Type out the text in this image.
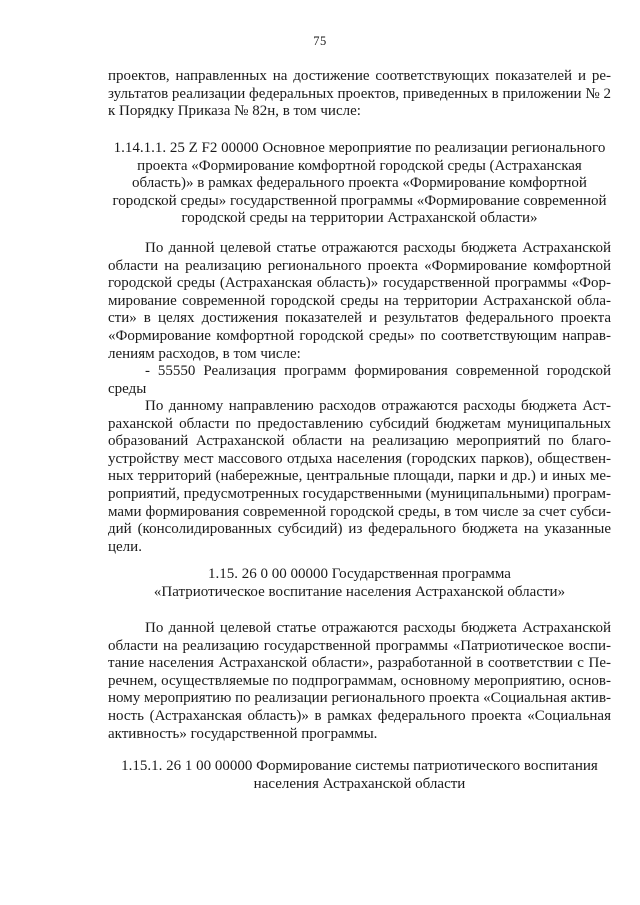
75
проектов, направленных на достижение соответствующих показателей и ре-
зультатов реализации федеральных проектов, приведенных в приложении № 2
к Порядку Приказа № 82н, в том числе:
1.14.1.1. 25 Z F2 00000 Основное мероприятие по реализации регионального
проекта «Формирование комфортной городской среды (Астраханская
область)» в рамках федерального проекта «Формирование комфортной
городской среды» государственной программы «Формирование современной
городской среды на территории Астраханской области»
По данной целевой статье отражаются расходы бюджета Астраханской
области на реализацию регионального проекта «Формирование комфортной
городской среды (Астраханская область)» государственной программы «Фор-
мирование современной городской среды на территории Астраханской обла-
сти» в целях достижения показателей и результатов федерального проекта
«Формирование комфортной городской среды» по соответствующим направ-
лениям расходов, в том числе:
- 55550 Реализация программ формирования современной городской
среды
По данному направлению расходов отражаются расходы бюджета Аст-
раханской области по предоставлению субсидий бюджетам муниципальных
образований Астраханской области на реализацию мероприятий по благо-
устройству мест массового отдыха населения (городских парков), обществен-
ных территорий (набережные, центральные площади, парки и др.) и иных ме-
роприятий, предусмотренных государственными (муниципальными) програм-
мами формирования современной городской среды, в том числе за счет субси-
дий (консолидированных субсидий) из федерального бюджета на указанные
цели.
1.15. 26 0 00 00000 Государственная программа
«Патриотическое воспитание населения Астраханской области»
По данной целевой статье отражаются расходы бюджета Астраханской
области на реализацию государственной программы «Патриотическое воспи-
тание населения Астраханской области», разработанной в соответствии с Пе-
речнем, осуществляемые по подпрограммам, основному мероприятию, основ-
ному мероприятию по реализации регионального проекта «Социальная актив-
ность (Астраханская область)» в рамках федерального проекта «Социальная
активность» государственной программы.
1.15.1. 26 1 00 00000 Формирование системы патриотического воспитания
населения Астраханской области
